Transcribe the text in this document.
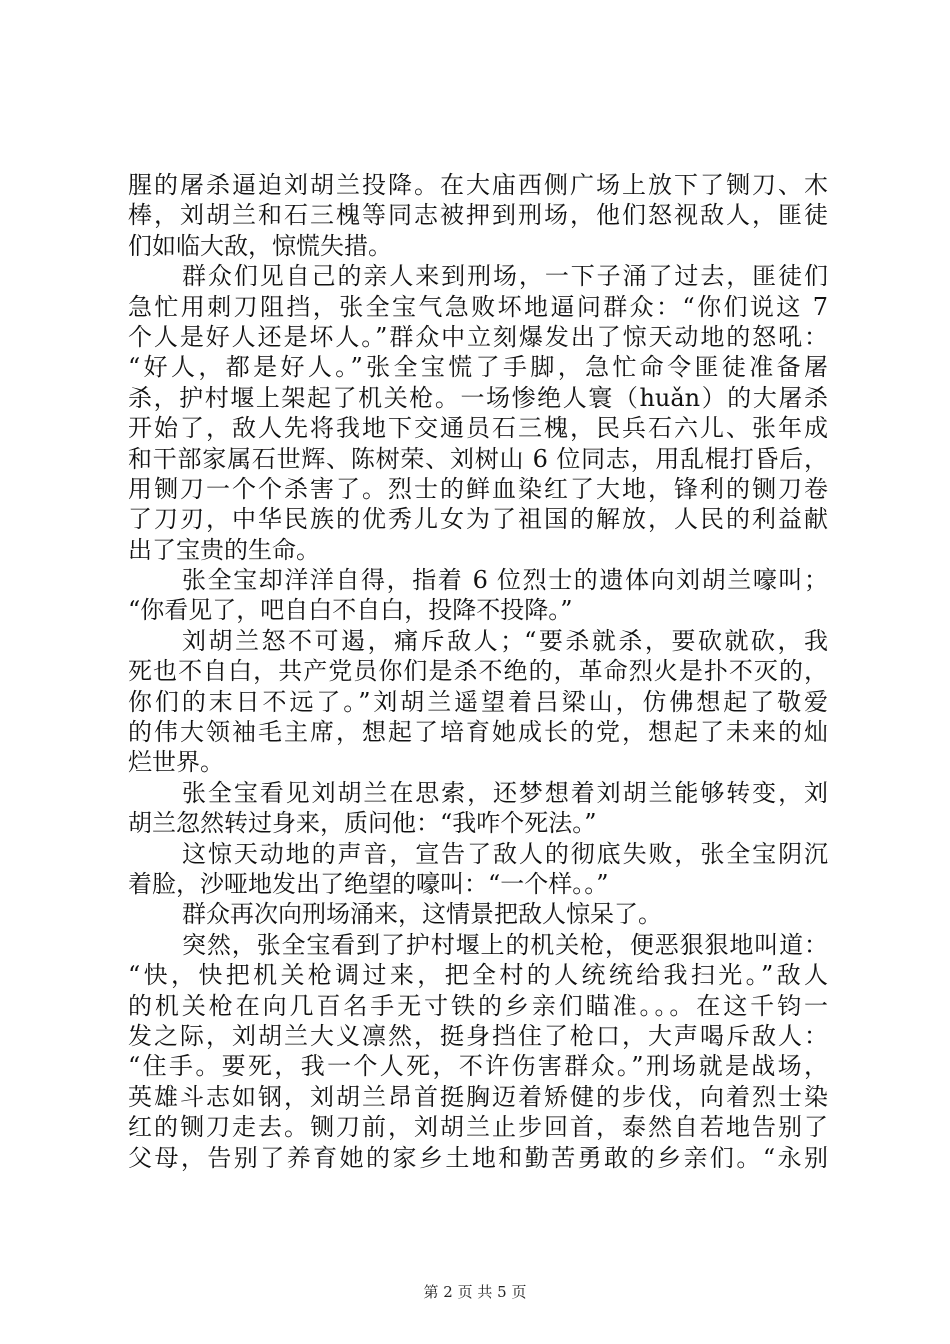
腥的屠杀逼迫刘胡兰投降。在大庙西侧广场上放下了铡刀、木
棒，刘胡兰和石三槐等同志被押到刑场，他们怒视敌人，匪徒
们如临大敌，惊慌失措。
群众们见自己的亲人来到刑场，一下子涌了过去，匪徒们
急忙用刺刀阻挡，张全宝气急败坏地逼问群众：“你们说这 7
个人是好人还是坏人。”群众中立刻爆发出了惊天动地的怒吼：
“好人，都是好人。”张全宝慌了手脚，急忙命令匪徒准备屠
杀，护村堰上架起了机关枪。一场惨绝人寰（huǎn）的大屠杀
开始了，敌人先将我地下交通员石三槐，民兵石六儿、张年成
和干部家属石世辉、陈树荣、刘树山 6 位同志，用乱棍打昏后，
用铡刀一个个杀害了。烈士的鲜血染红了大地，锋利的铡刀卷
了刀刃，中华民族的优秀儿女为了祖国的解放，人民的利益献
出了宝贵的生命。
张全宝却洋洋自得，指着 6 位烈士的遗体向刘胡兰嚎叫；
“你看见了，吧自白不自白，投降不投降。”
刘胡兰怒不可遏，痛斥敌人；“要杀就杀，要砍就砍，我
死也不自白，共产党员你们是杀不绝的，革命烈火是扑不灭的，
你们的末日不远了。”刘胡兰遥望着吕梁山，仿佛想起了敬爱
的伟大领袖毛主席，想起了培育她成长的党，想起了未来的灿
烂世界。
张全宝看见刘胡兰在思索，还梦想着刘胡兰能够转变，刘
胡兰忽然转过身来，质问他：“我咋个死法。”
这惊天动地的声音，宣告了敌人的彻底失败，张全宝阴沉
着脸，沙哑地发出了绝望的嚎叫：“一个样。。”
群众再次向刑场涌来，这情景把敌人惊呆了。
突然，张全宝看到了护村堰上的机关枪，便恶狠狠地叫道：
“快，快把机关枪调过来，把全村的人统统给我扫光。”敌人
的机关枪在向几百名手无寸铁的乡亲们瞄准。。。在这千钧一
发之际，刘胡兰大义凛然，挺身挡住了枪口，大声喝斥敌人：
“住手。要死，我一个人死，不许伤害群众。”刑场就是战场，
英雄斗志如钢，刘胡兰昂首挺胸迈着矫健的步伐，向着烈士染
红的铡刀走去。铡刀前，刘胡兰止步回首，泰然自若地告别了
父母，告别了养育她的家乡土地和勤苦勇敢的乡亲们。“永别
第 2 页 共 5 页
